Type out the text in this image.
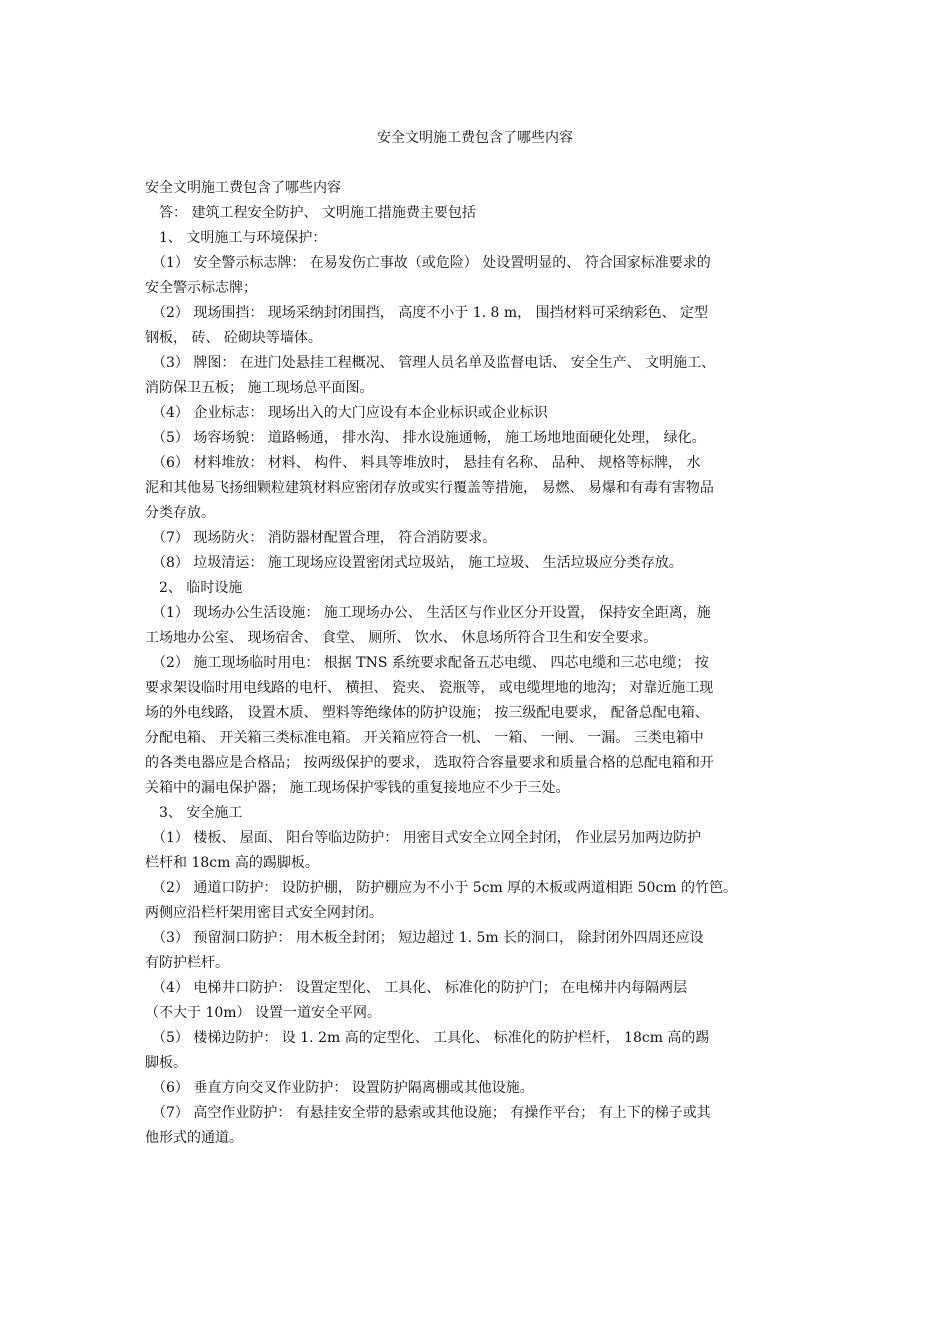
安全文明施工费包含了哪些内容
安全文明施工费包含了哪些内容
　答： 建筑工程安全防护、 文明施工措施费主要包括
　1、 文明施工与环境保护：
　（1） 安全警示标志牌： 在易发伤亡事故（或危险） 处设置明显的、 符合国家标准要求的
安全警示标志牌；
　（2） 现场围挡： 现场采纳封闭围挡， 高度不小于 1. 8 m， 围挡材料可采纳彩色、 定型
钢板， 砖、 砼砌块等墙体。
　（3） 牌图： 在进门处悬挂工程概况、 管理人员名单及监督电话、 安全生产、 文明施工、
消防保卫五板； 施工现场总平面图。
　（4） 企业标志： 现场出入的大门应设有本企业标识或企业标识
　（5） 场容场貌： 道路畅通， 排水沟、 排水设施通畅， 施工场地地面硬化处理， 绿化。
　（6） 材料堆放： 材料、 构件、 料具等堆放时， 悬挂有名称、 品种、 规格等标牌， 水
泥和其他易飞扬细颗粒建筑材料应密闭存放或实行覆盖等措施， 易燃、 易爆和有毒有害物品
分类存放。
　（7） 现场防火： 消防器材配置合理， 符合消防要求。
　（8） 垃圾清运： 施工现场应设置密闭式垃圾站， 施工垃圾、 生活垃圾应分类存放。
　2、 临时设施
　（1） 现场办公生活设施： 施工现场办公、 生活区与作业区分开设置， 保持安全距离，施
工场地办公室、 现场宿舍、 食堂、 厕所、 饮水、 休息场所符合卫生和安全要求。
　（2） 施工现场临时用电： 根据 TNS 系统要求配备五芯电缆、 四芯电缆和三芯电缆； 按
要求架设临时用电线路的电杆、 横担、 瓷夹、 瓷瓶等， 或电缆埋地的地沟； 对靠近施工现
场的外电线路， 设置木质、 塑料等绝缘体的防护设施； 按三级配电要求， 配备总配电箱、
分配电箱、 开关箱三类标准电箱。 开关箱应符合一机、 一箱、 一闸、 一漏。 三类电箱中
的各类电器应是合格品； 按两级保护的要求， 选取符合容量要求和质量合格的总配电箱和开
关箱中的漏电保护器； 施工现场保护零钱的重复接地应不少于三处。
　3、 安全施工
　（1） 楼板、 屋面、 阳台等临边防护： 用密目式安全立网全封闭， 作业层另加两边防护
栏杆和 18cm 高的踢脚板。
　（2） 通道口防护： 设防护棚， 防护棚应为不小于 5cm 厚的木板或两道相距 50cm 的竹笆。
两侧应沿栏杆架用密目式安全网封闭。
　（3） 预留洞口防护： 用木板全封闭； 短边超过 1. 5m 长的洞口， 除封闭外四周还应设
有防护栏杆。
　（4） 电梯井口防护： 设置定型化、 工具化、 标准化的防护门； 在电梯井内每隔两层
（不大于 10m） 设置一道安全平网。
　（5） 楼梯边防护： 设 1. 2m 高的定型化、 工具化、 标准化的防护栏杆， 18cm 高的踢
脚板。
　（6） 垂直方向交叉作业防护： 设置防护隔离棚或其他设施。
　（7） 高空作业防护： 有悬挂安全带的悬索或其他设施； 有操作平台； 有上下的梯子或其
他形式的通道。
